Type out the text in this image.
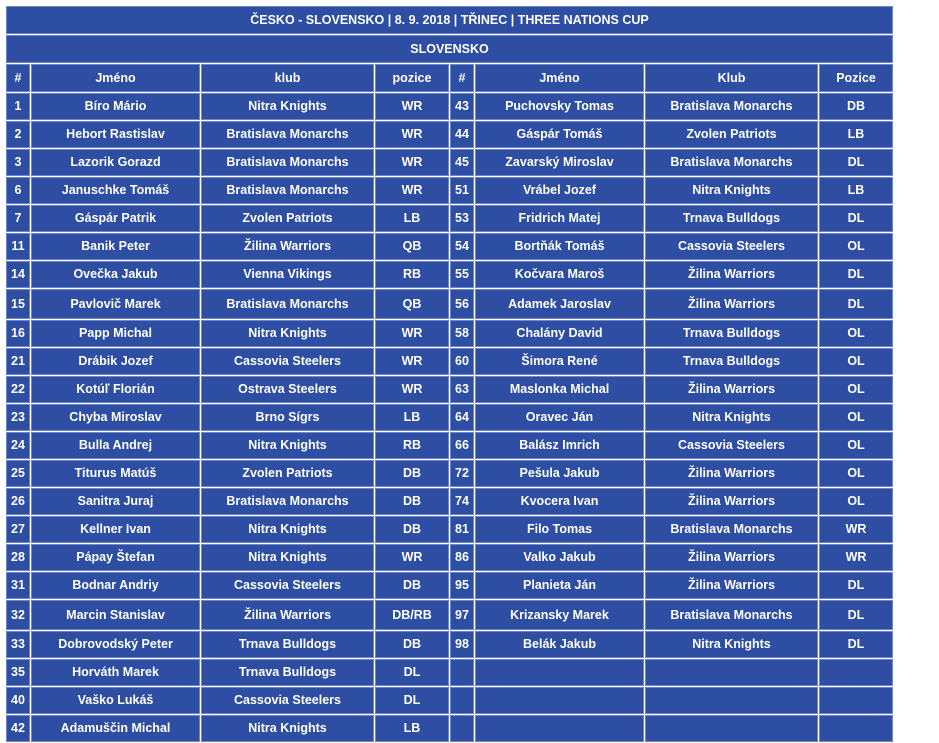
ČESKO - SLOVENSKO | 8. 9. 2018 | TŘINEC | THREE NATIONS CUP							
SLOVENSKO							
#	Jméno	klub	pozice	#	Jméno	Klub	Pozice
1	Bíro Mário	Nitra Knights	WR	43	Puchovsky Tomas	Bratislava Monarchs	DB
2	Hebort Rastislav	Bratislava Monarchs	WR	44	Gáspár Tomáš	Zvolen Patriots	LB
3	Lazorik Gorazd	Bratislava Monarchs	WR	45	Zavarský Miroslav	Bratislava Monarchs	DL
6	Januschke Tomáš	Bratislava Monarchs	WR	51	Vrábel Jozef	Nitra Knights	LB
7	Gáspár Patrik	Zvolen Patriots	LB	53	Fridrich Matej	Trnava Bulldogs	DL
11	Banik Peter	Žilina Warriors	QB	54	Bortňák Tomáš	Cassovia Steelers	OL
14	Ovečka Jakub	Vienna Vikings	RB	55	Kočvara Maroš	Žilina Warriors	DL
15	Pavlovič Marek	Bratislava Monarchs	QB	56	Adamek Jaroslav	Žilina Warriors	DL
16	Papp Michal	Nitra Knights	WR	58	Chalány David	Trnava Bulldogs	OL
21	Drábik Jozef	Cassovia Steelers	WR	60	Šimora René	Trnava Bulldogs	OL
22	Kotúľ Florián	Ostrava Steelers	WR	63	Maslonka Michal	Žilina Warriors	OL
23	Chyba Miroslav	Brno Sígrs	LB	64	Oravec Ján	Nitra Knights	OL
24	Bulla Andrej	Nitra Knights	RB	66	Balász Imrich	Cassovia Steelers	OL
25	Titurus Matúš	Zvolen Patriots	DB	72	Pešula Jakub	Žilina Warriors	OL
26	Sanitra Juraj	Bratislava Monarchs	DB	74	Kvocera Ivan	Žilina Warriors	OL
27	Kellner Ivan	Nitra Knights	DB	81	Filo Tomas	Bratislava Monarchs	WR
28	Pápay Štefan	Nitra Knights	WR	86	Valko Jakub	Žilina Warriors	WR
31	Bodnar Andriy	Cassovia Steelers	DB	95	Planieta Ján	Žilina Warriors	DL
32	Marcin Stanislav	Žilina Warriors	DB/RB	97	Krizansky Marek	Bratislava Monarchs	DL
33	Dobrovodský Peter	Trnava Bulldogs	DB	98	Belák Jakub	Nitra Knights	DL
35	Horváth Marek	Trnava Bulldogs	DL				
40	Vaško Lukáš	Cassovia Steelers	DL				
42	Adamuščin Michal	Nitra Knights	LB				
